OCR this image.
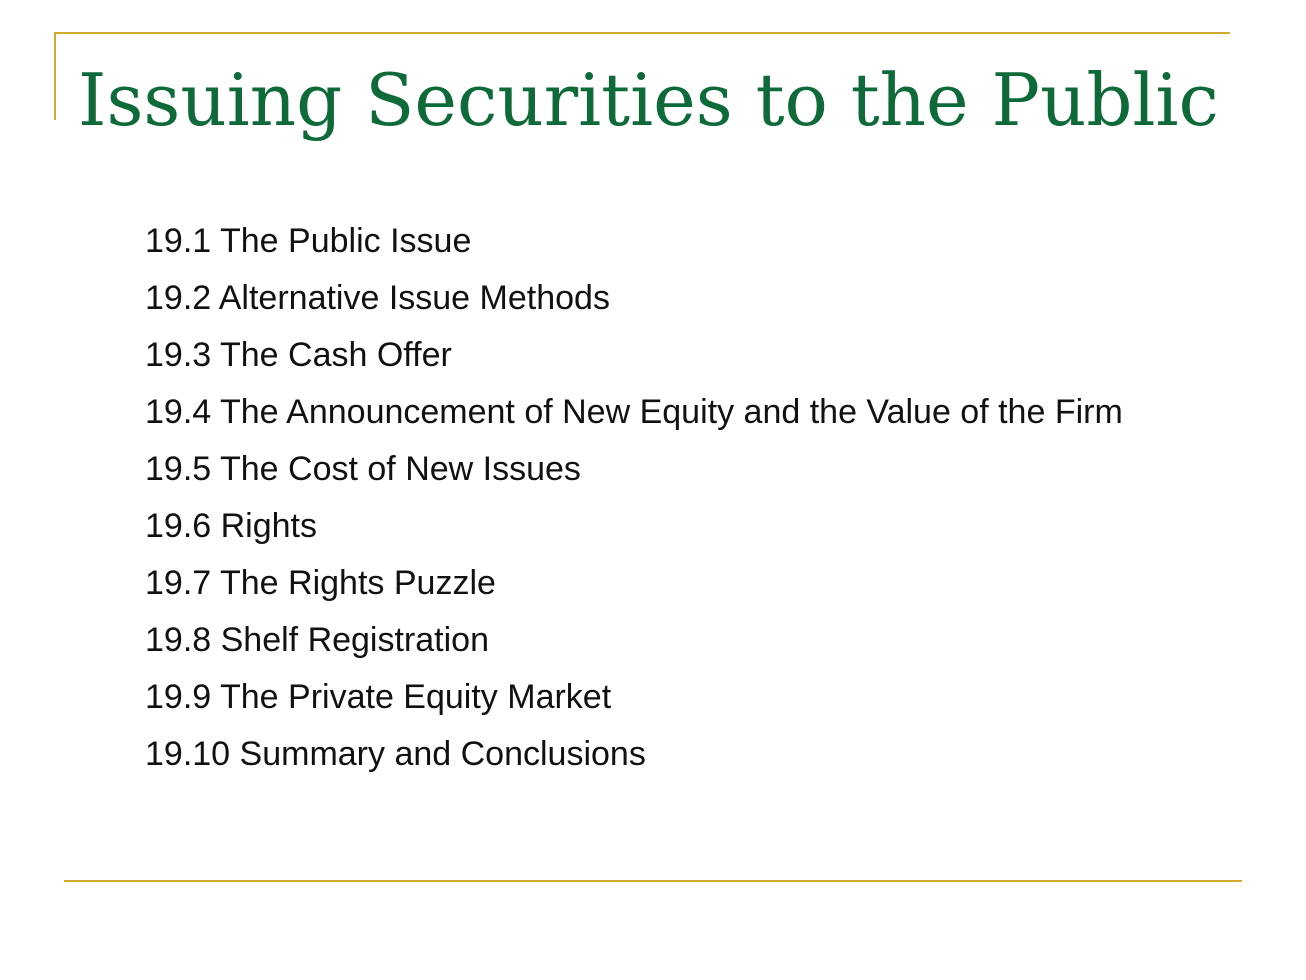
Issuing Securities to the Public
19.1 The Public Issue
19.2 Alternative Issue Methods
19.3 The Cash Offer
19.4 The Announcement of New Equity and the Value of the Firm
19.5 The Cost of New Issues
19.6 Rights
19.7 The Rights Puzzle
19.8 Shelf Registration
19.9 The Private Equity Market
19.10 Summary and Conclusions
